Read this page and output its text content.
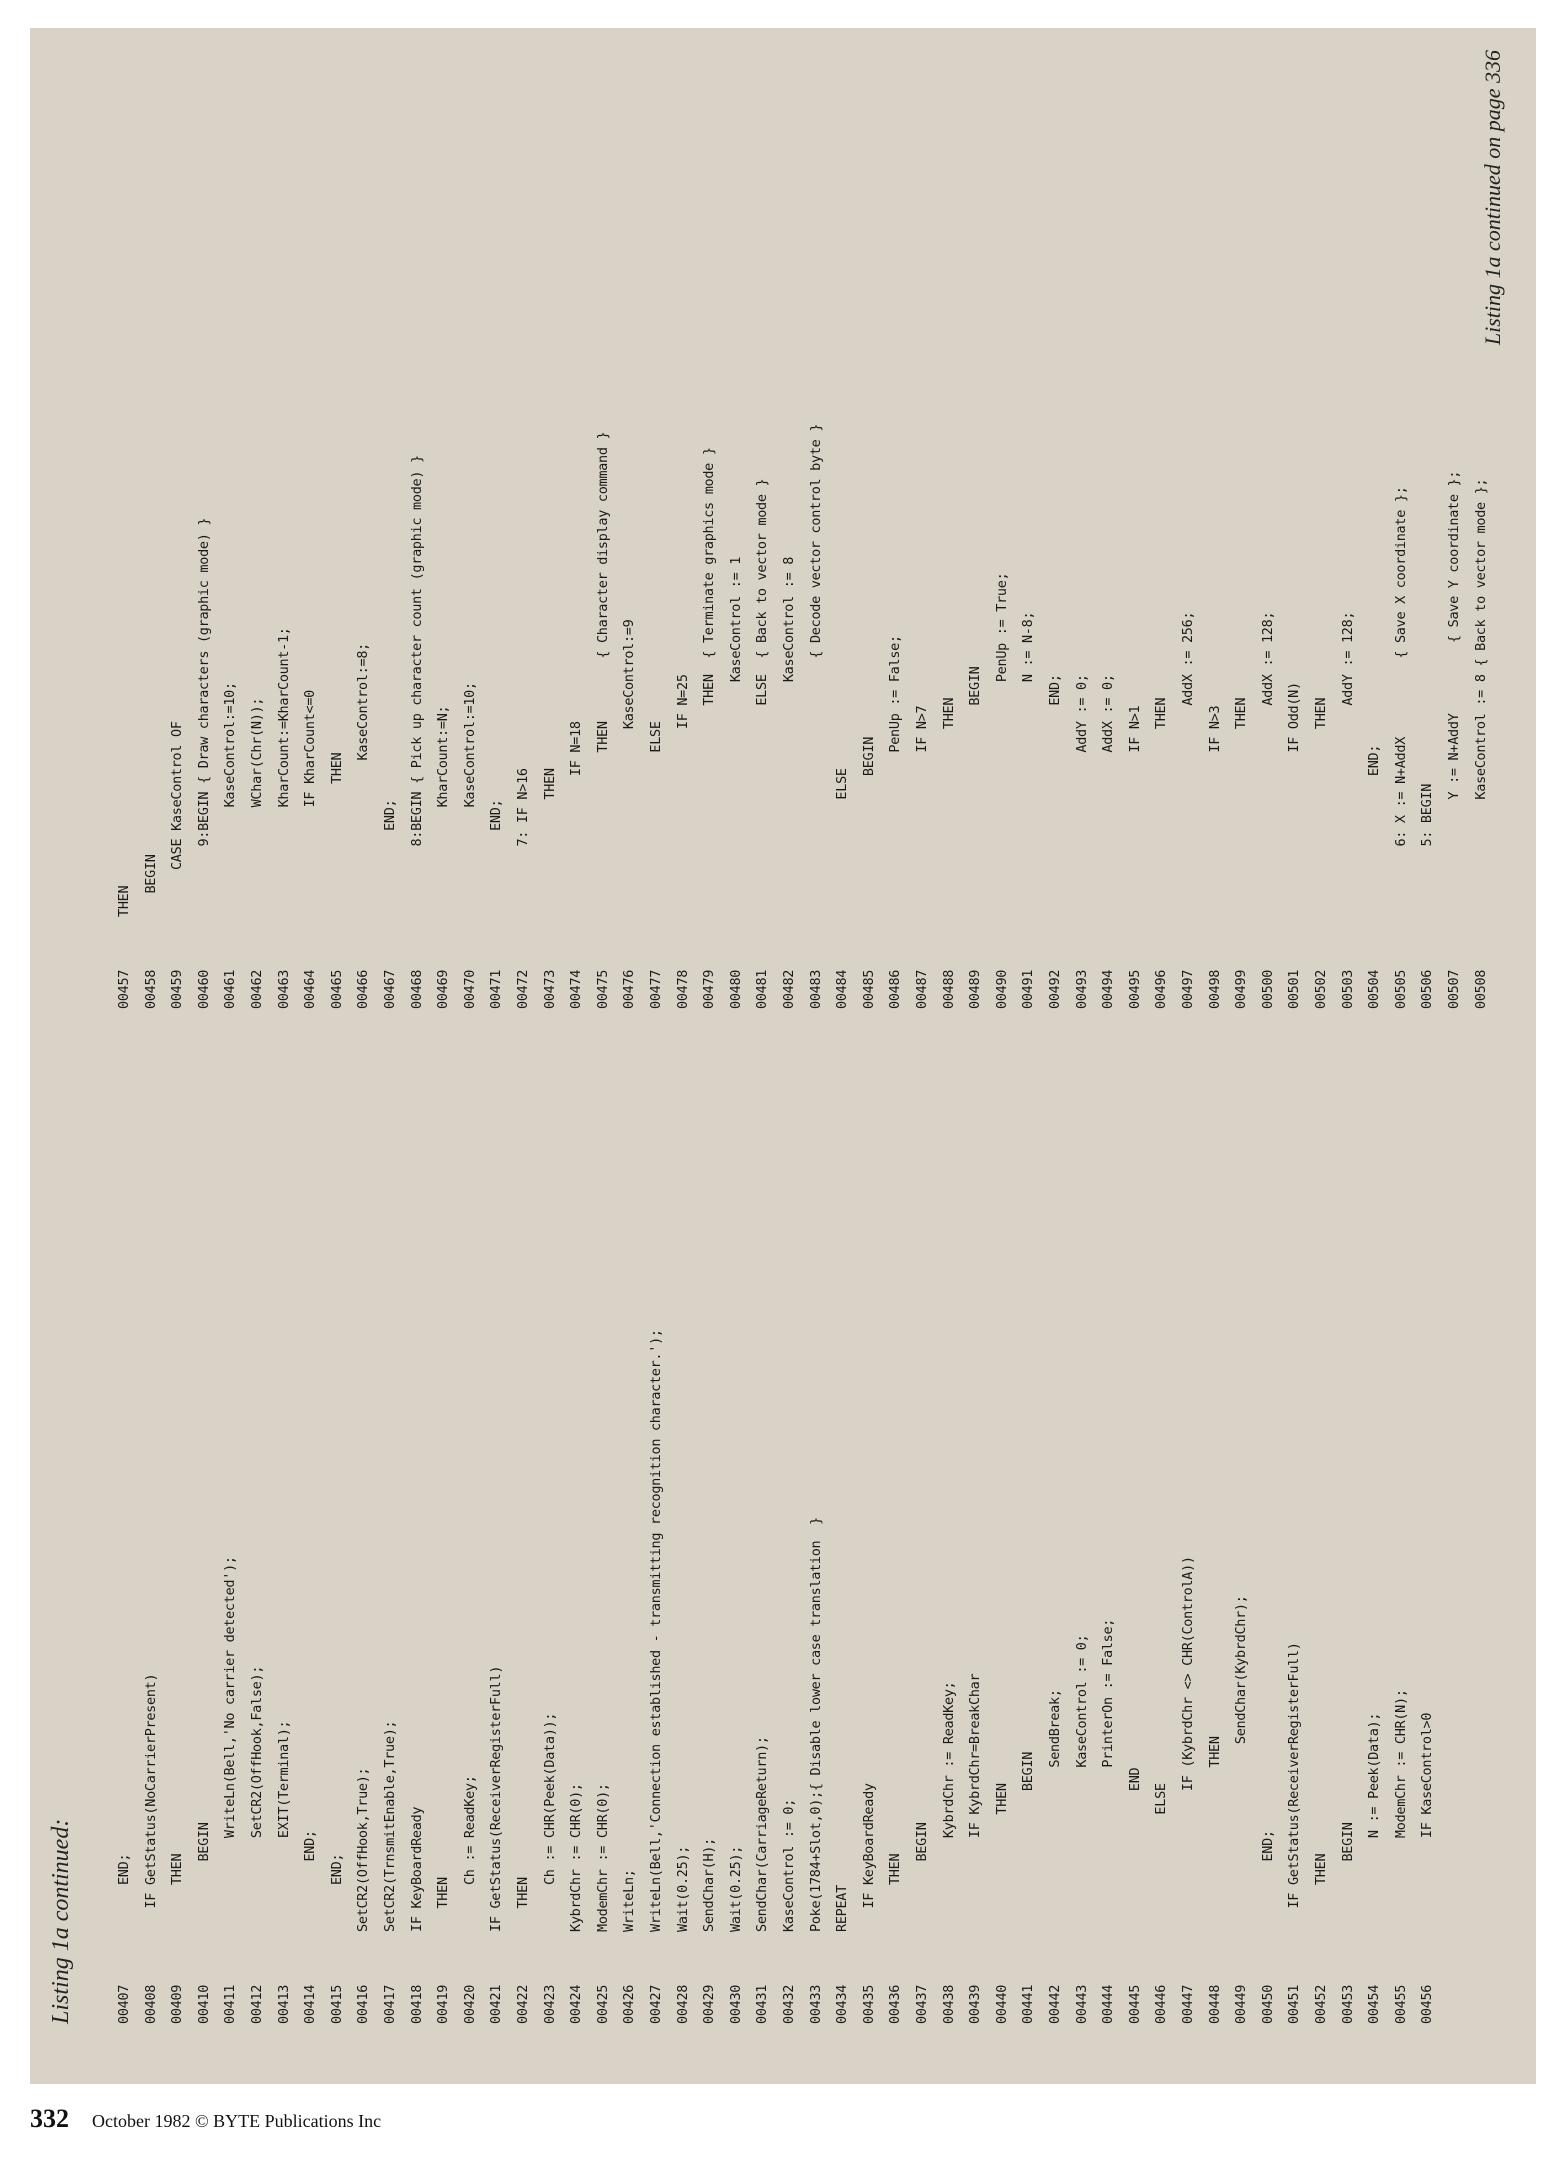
Listing 1a continued:	00407      END;
00408   IF GetStatus(NoCarrierPresent)
00409      THEN
00410         BEGIN
00411            WriteLn(Bell,'No carrier detected');
00412            SetCR2(OffHook,False);
00413            EXIT(Terminal);
00414         END;
00415      END;
00416SetCR2(OffHook,True);
00417SetCR2(TrnsmitEnable,True);
00418IF KeyBoardReady
00419   THEN
00420      Ch := ReadKey;
00421IF GetStatus(ReceiverRegisterFull)
00422   THEN
00423      Ch := CHR(Peek(Data));
00424KybrdChr := CHR(0);
00425ModemChr := CHR(0);
00426WriteLn;
00427WriteLn(Bell,'Connection established - transmitting recognition character.');
00428Wait(0.25);
00429SendChar(H);
00430Wait(0.25);
00431SendChar(CarriageReturn);
00432KaseControl := 0;
00433Poke(1784+Slot,0);{ Disable lower case translation  }
00434REPEAT
00435   IF KeyBoardReady
00436      THEN
00437         BEGIN
00438            KybrdChr := ReadKey;
00439            IF KybrdChr=BreakChar
00440               THEN
00441                  BEGIN
00442                     SendBreak;
00443                     KaseControl := 0;
00444                     PrinterOn := False;
00445                  END
00446               ELSE
00447                  IF (KybrdChr <> CHR(ControlA))
00448                     THEN
00449                        SendChar(KybrdChr);
00450         END;
00451   IF GetStatus(ReceiverRegisterFull)
00452      THEN
00453         BEGIN
00454            N := Peek(Data);
00455            ModemChr := CHR(N);
00456            IF KaseControl>0
00457THEN
00458   BEGIN
00459      CASE KaseControl OF
00460         9:BEGIN { Draw characters (graphic mode) }
00461              KaseControl:=10;
00462              WChar(Chr(N));
00463              KharCount:=KharCount-1;
00464              IF KharCount<=0
00465                 THEN
00466                    KaseControl:=8;
00467           END;
00468         8:BEGIN { Pick up character count (graphic mode) }
00469              KharCount:=N;
00470              KaseControl:=10;
00471           END;
00472         7: IF N>16
00473               THEN
00474                  IF N=18
00475                     THEN        { Character display command }
00476                        KaseControl:=9
00477                     ELSE
00478                        IF N=25
00479                           THEN  { Terminate graphics mode }
00480                              KaseControl := 1
00481                           ELSE  { Back to vector mode }
00482                              KaseControl := 8
00483                                 { Decode vector control byte }
00484               ELSE
00485                  BEGIN
00486                     PenUp := False;
00487                     IF N>7
00488                        THEN
00489                           BEGIN
00490                              PenUp := True;
00491                              N := N-8;
00492                           END;
00493                     AddY := 0;
00494                     AddX := 0;
00495                     IF N>1
00496                        THEN
00497                           AddX := 256;
00498                     IF N>3
00499                        THEN
00500                           AddX := 128;
00501                     IF Odd(N)
00502                        THEN
00503                           AddY := 128;
00504                  END;
00505         6: X := N+AddX          { Save X coordinate };
00506         5: BEGIN
00507               Y := N+AddY         { Save Y coordinate };
00508               KaseControl := 8 { Back to vector mode };
Listing 1a continued on page 336
332 October 1982 © BYTE Publications Inc
